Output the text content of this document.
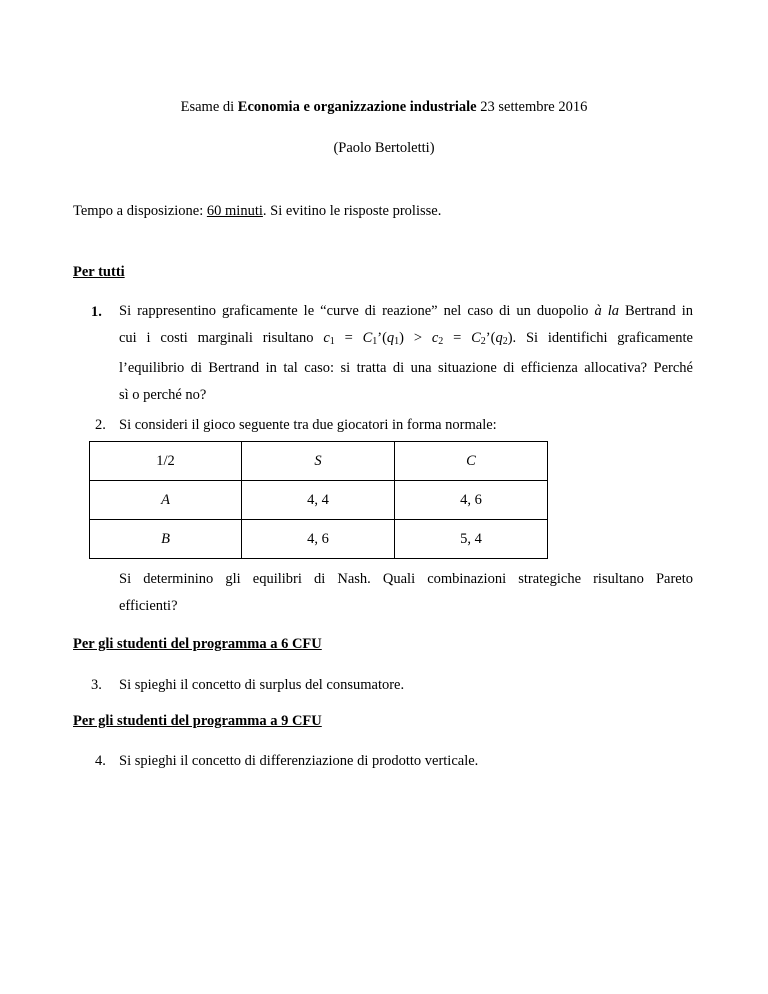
Esame di Economia e organizzazione industriale 23 settembre 2016
(Paolo Bertoletti)
Tempo a disposizione: 60 minuti. Si evitino le risposte prolisse.
Per tutti
1. Si rappresentino graficamente le “curve di reazione” nel caso di un duopolio à la Bertrand in
cui i costi marginali risultano $c_1$ = $C_1’(q_1) > c_2$ = $C_2’(q_2)$. Si identifichi graficamente
l’equilibrio di Bertrand in tal caso: si tratta di una situazione di efficienza allocativa? Perché
sì o perché no?
2. Si consideri il gioco seguente tra due giocatori in forma normale:
1/2	S	C
A	4, 4	4, 6
B	4, 6	5, 4
Si determinino gli equilibri di Nash. Quali combinazioni strategiche risultano Pareto
efficienti?
Per gli studenti del programma a 6 CFU
3. Si spieghi il concetto di surplus del consumatore.
Per gli studenti del programma a 9 CFU
4. Si spieghi il concetto di differenziazione di prodotto verticale.
